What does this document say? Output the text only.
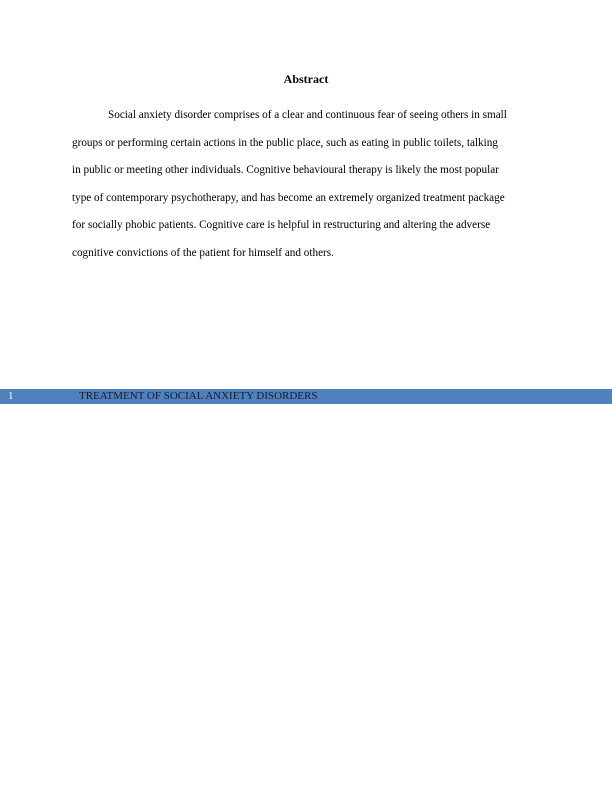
Abstract
Social anxiety disorder comprises of a clear and continuous fear of seeing others in small
groups or performing certain actions in the public place, such as eating in public toilets, talking
in public or meeting other individuals. Cognitive behavioural therapy is likely the most popular
type of contemporary psychotherapy, and has become an extremely organized treatment package
for socially phobic patients. Cognitive care is helpful in restructuring and altering the adverse
cognitive convictions of the patient for himself and others.
1	TREATMENT OF SOCIAL ANXIETY DISORDERS
